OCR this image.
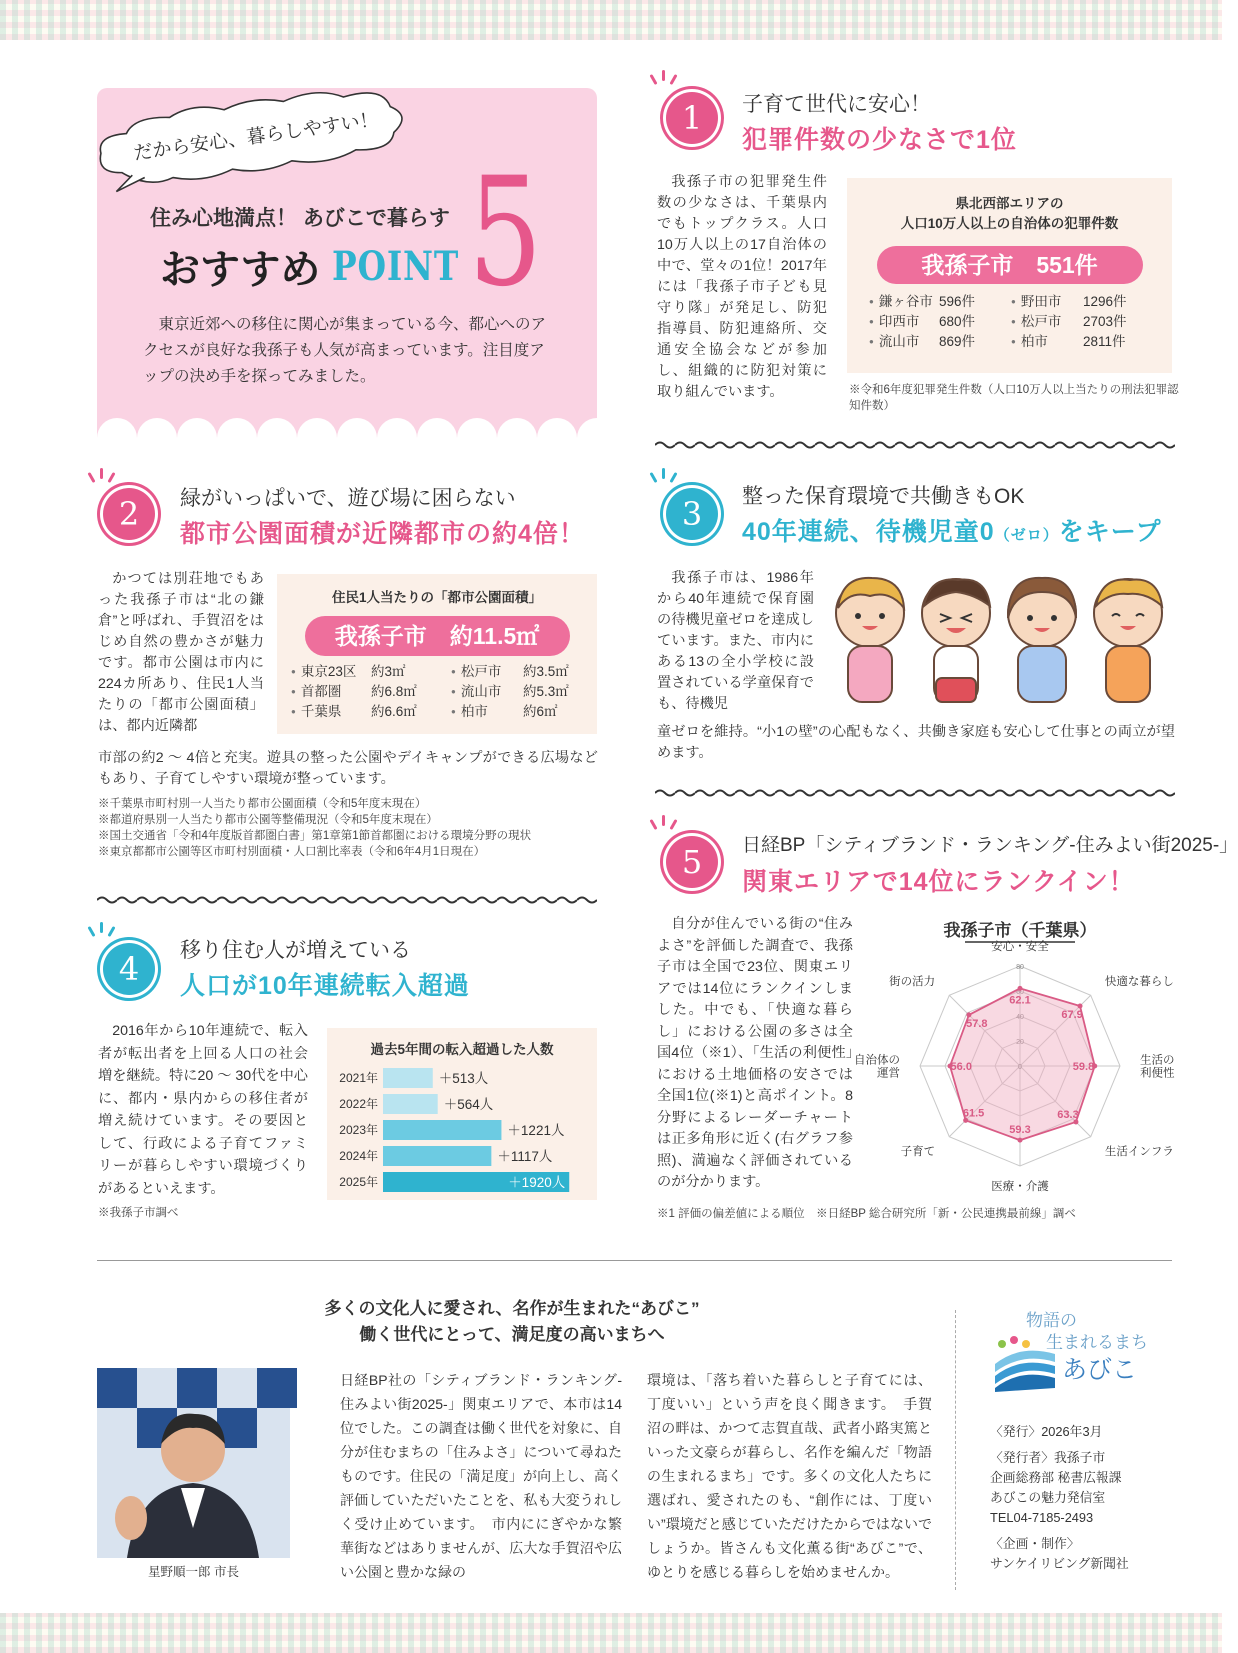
だから安心、暮らしやすい！
住み心地満点！ あびこで暮らす
おすすめ POINT 5
東京近郊への移住に関心が集まっている今、都心へのアクセスが良好な我孫子も人気が高まっています。注目度アップの決め手を探ってみました。
1	子育て世代に安心！
犯罪件数の少なさで1位
我孫子市の犯罪発生件数の少なさは、千葉県内でもトップクラス。人口10万人以上の17自治体の中で、堂々の1位！2017年には「我孫子市子ども見守り隊」が発足し、防犯指導員、防犯連絡所、交通安全協会などが参加し、組織的に防犯対策に取り組んでいます。
県北西部エリアの
人口10万人以上の自治体の犯罪件数
我孫子市　 551件
● 鎌ヶ谷市 596件	● 野田市	1296件
● 印西市	680件	● 松戸市	2703件
● 流山市	869件	● 柏市	2811件
※令和6年度犯罪発生件数（人口10万人以上当たりの刑法犯罪認知件数）
2	緑がいっぱいで、遊び場に困らない
都市公園面積が近隣都市の約4倍！
かつては別荘地でもあった我孫子市は“北の鎌倉”と呼ばれ、手賀沼をはじめ自然の豊かさが魅力です。都市公園は市内に224カ所あり、住民1人当たりの「都市公園面積」は、都内近隣都
市部の約2 ～ 4倍と充実。遊具の整った公園やデイキャンプができる広場などもあり、子育てしやすい環境が整っています。
住民1人当たりの「都市公園面積」
我孫子市　 約11.5㎡
● 東京23区	約3㎡	● 松戸市	約3.5㎡
● 首都圏	約6.8㎡	● 流山市	約5.3㎡
● 千葉県	約6.6㎡	● 柏市	約6㎡
※千葉県市町村別一人当たり都市公園面積（令和5年度末現在）
※都道府県別一人当たり都市公園等整備現況（令和5年度末現在）
※国土交通省「令和4年度版首都圏白書」第1章第1節首都圏における環境分野の現状
※東京都都市公園等区市町村別面積・人口割比率表（令和6年4月1日現在）
3	整った保育環境で共働きもOK
40年連続、待機児童0（ゼロ）をキープ
我孫子市は、1986年から40年連続で保育園の待機児童ゼロを達成しています。また、市内にある13の全小学校に設置されている学童保育でも、待機児
童ゼロを維持。“小1の壁”の心配もなく、共働き家庭も安心して仕事との両立が望めます。
4	移り住む人が増えている
人口が10年連続転入超過
2016年から10年連続で、転入者が転出者を上回る人口の社会増を継続。特に20 ～ 30代を中心に、都内・県内からの移住者が増え続けています。その要因として、行政による子育てファミリーが暮らしやすい環境づくりがあるといえます。
※我孫子市調べ
過去5年間の転入超過した人数
2021年	＋513人
2022年	＋564人
2023年	＋1221人
2024年	＋1117人
2025年	＋1920人
5	日経BP「シティブランド・ランキング-住みよい街2025-」
関東エリアで14位にランクイン！
自分が住んでいる街の“住みよさ”を評価した調査で、我孫子市は全国で23位、関東エリアでは14位にランクインしました。中でも、「快適な暮らし」における公園の多さは全国4位（※1）、「生活の利便性」における土地価格の安さでは全国1位(※1)と高ポイント。8分野によるレーダーチャートは正多角形に近く(右グラフ参照)、満遍なく評価されているのが分かります。
※1 評価の偏差値による順位　※日経BP 総合研究所「新・公民連携最前線」調べ
我孫子市（千葉県）
80
62.1
安心・安全
67.9
快適な暮らし
59.8
生活の
利便性
63.3
生活インフラ
59.3
医療・介護
61.5
子育て
56.0
自治体の
運営
57.8
街の活力
多くの文化人に愛され、名作が生まれた“あびこ”
働く世代にとって、満足度の高いまちへ
星野順一郎 市長
日経BP社の「シティブランド・ランキング-住みよい街2025-」関東エリアで、本市は14位でした。この調査は働く世代を対象に、自分が住むまちの「住みよさ」について尋ねたものです。住民の「満足度」が向上し、高く評価していただいたことを、私も大変うれしく受け止めています。　市内ににぎやかな繁華街などはありませんが、広大な手賀沼や広い公園と豊かな緑の
環境は、「落ち着いた暮らしと子育てには、丁度いい」という声を良く聞きます。　手賀沼の畔は、かつて志賀直哉、武者小路実篤といった文豪らが暮らし、名作を編んだ「物語の生まれるまち」です。多くの文化人たちに選ばれ、愛されたのも、“創作には、丁度いい”環境だと感じていただけたからではないでしょうか。皆さんも文化薫る街“あびこ”で、ゆとりを感じる暮らしを始めませんか。
物語の
生まれるまち
あびこ
〈発行〉2026年3月
〈発行者〉我孫子市
企画総務部 秘書広報課
あびこの魅力発信室
TEL04-7185-2493
〈企画・制作〉
サンケイリビング新聞社
